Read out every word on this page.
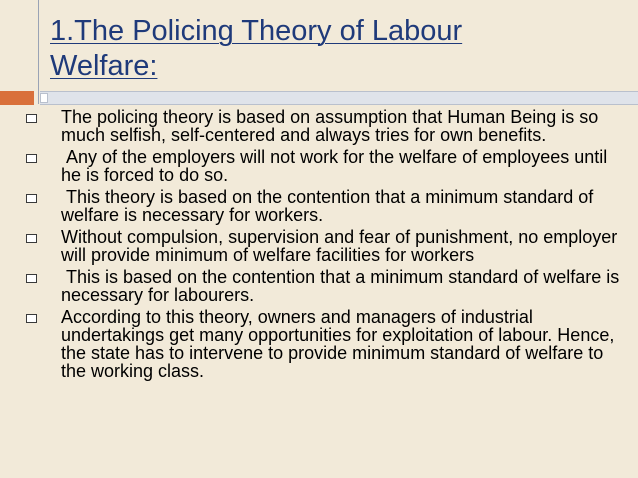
1.The Policing Theory of Labour
Welfare:
The policing theory is based on assumption that Human Being is so much selfish, self-centered and always tries for own benefits.
Any of the employers will not work for the welfare of employees until he is forced to do so.
This theory is based on the contention that a minimum standard of welfare is necessary for workers.
Without compulsion, supervision and fear of punishment, no employer will provide minimum of welfare facilities for workers
This is based on the contention that a minimum standard of welfare is necessary for labourers.
According to this theory, owners and managers of industrial undertakings get many opportunities for exploitation of labour. Hence, the state has to intervene to provide minimum standard of welfare to the working class.
